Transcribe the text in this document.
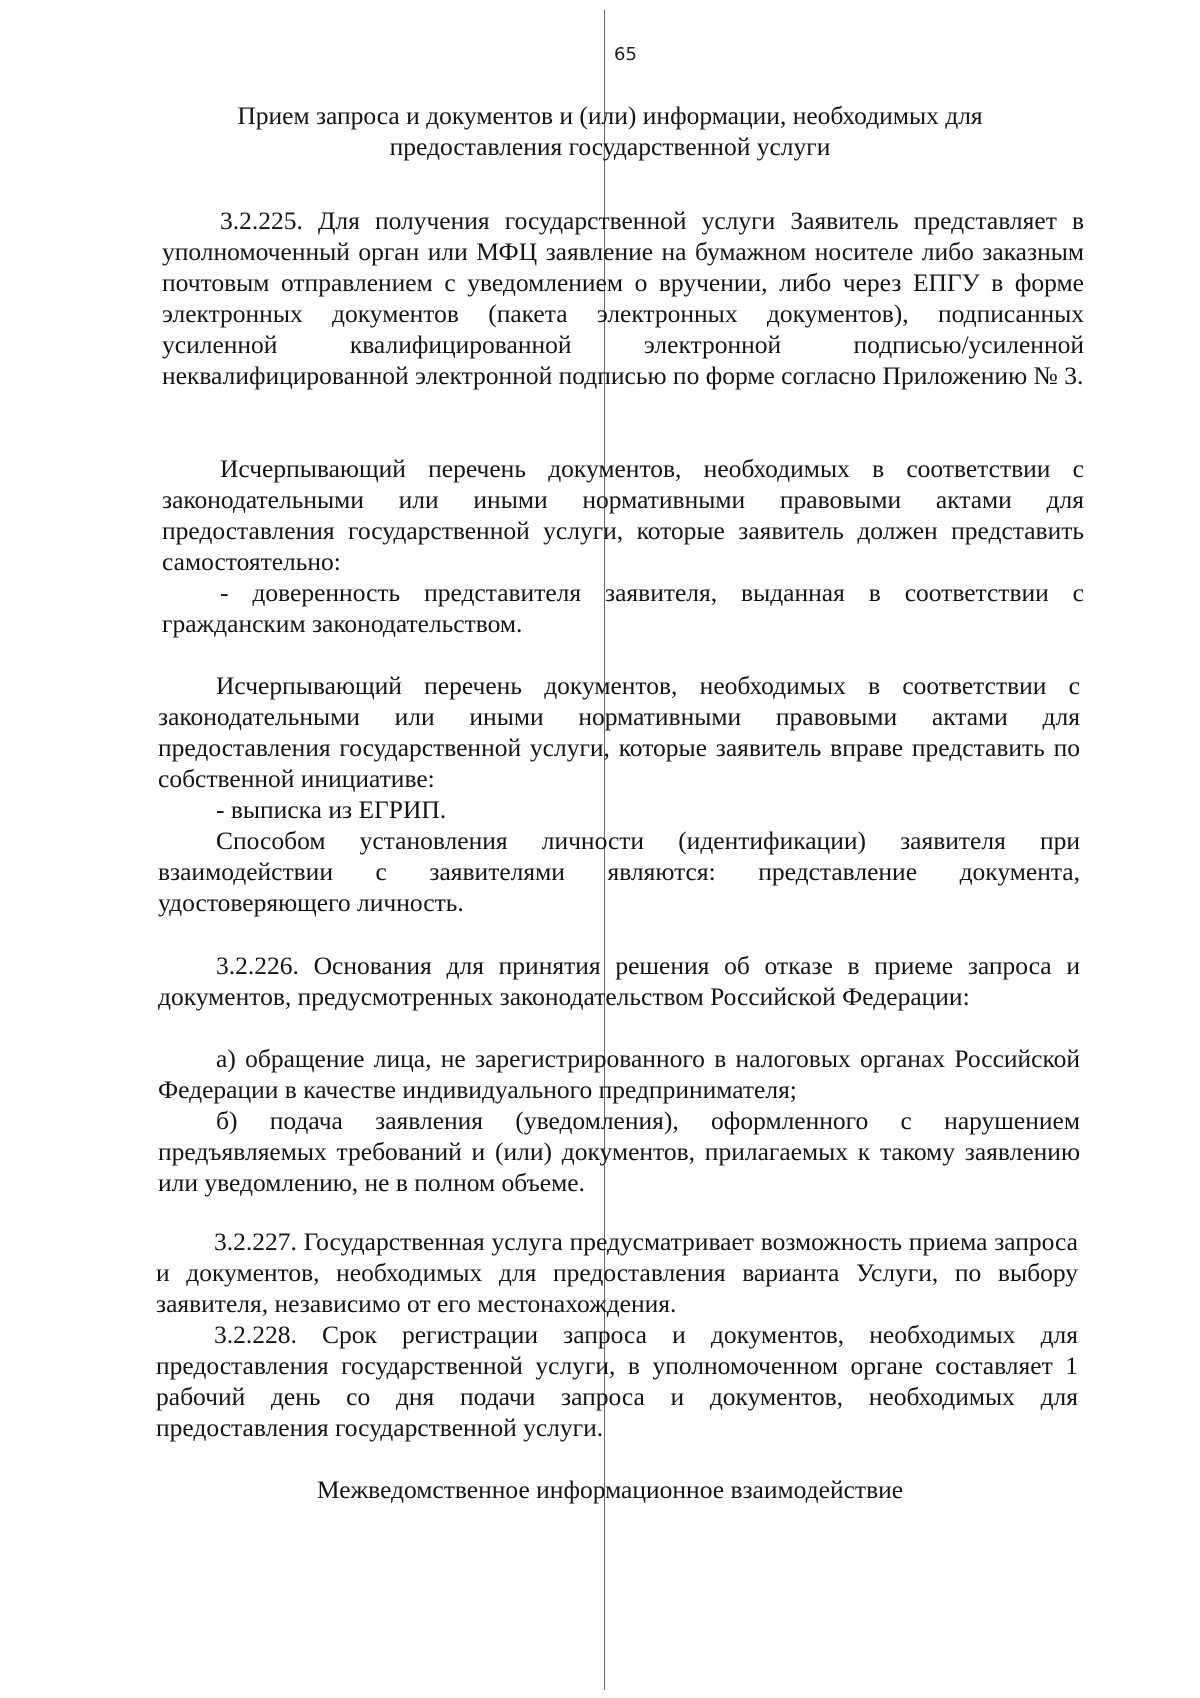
65
Прием запроса и документов и (или) информации, необходимых для предоставления государственной услуги

3.2.225. Для получения государственной услуги Заявитель представляет в уполномоченный орган или МФЦ заявление на бумажном носителе либо заказным почтовым отправлением с уведомлением о вручении, либо через ЕПГУ в форме электронных документов (пакета электронных документов), подписанных усиленной квалифицированной электронной подписью/усиленной неквалифицированной электронной подписью по форме согласно Приложению № 3.

Исчерпывающий перечень документов, необходимых в соответствии с законодательными или иными нормативными правовыми актами для предоставления государственной услуги, которые заявитель должен представить самостоятельно:

- доверенность представителя заявителя, выданная в соответствии с гражданским законодательством.

Исчерпывающий перечень документов, необходимых в соответствии с законодательными или иными нормативными правовыми актами для предоставления государственной услуги, которые заявитель вправе представить по собственной инициативе:

- выписка из ЕГРИП.

Способом установления личности (идентификации) заявителя при взаимодействии с заявителями являются: представление документа, удостоверяющего личность.

3.2.226. Основания для принятия решения об отказе в приеме запроса и документов, предусмотренных законодательством Российской Федерации:

а) обращение лица, не зарегистрированного в налоговых органах Российской Федерации в качестве индивидуального предпринимателя;

б) подача заявления (уведомления), оформленного с нарушением предъявляемых требований и (или) документов, прилагаемых к такому заявлению или уведомлению, не в полном объеме.

3.2.227. Государственная услуга предусматривает возможность приема запроса и документов, необходимых для предоставления варианта Услуги, по выбору заявителя, независимо от его местонахождения.

3.2.228. Срок регистрации запроса и документов, необходимых для предоставления государственной услуги, в уполномоченном органе составляет 1 рабочий день со дня подачи запроса и документов, необходимых для предоставления государственной услуги.

Межведомственное информационное взаимодействие
